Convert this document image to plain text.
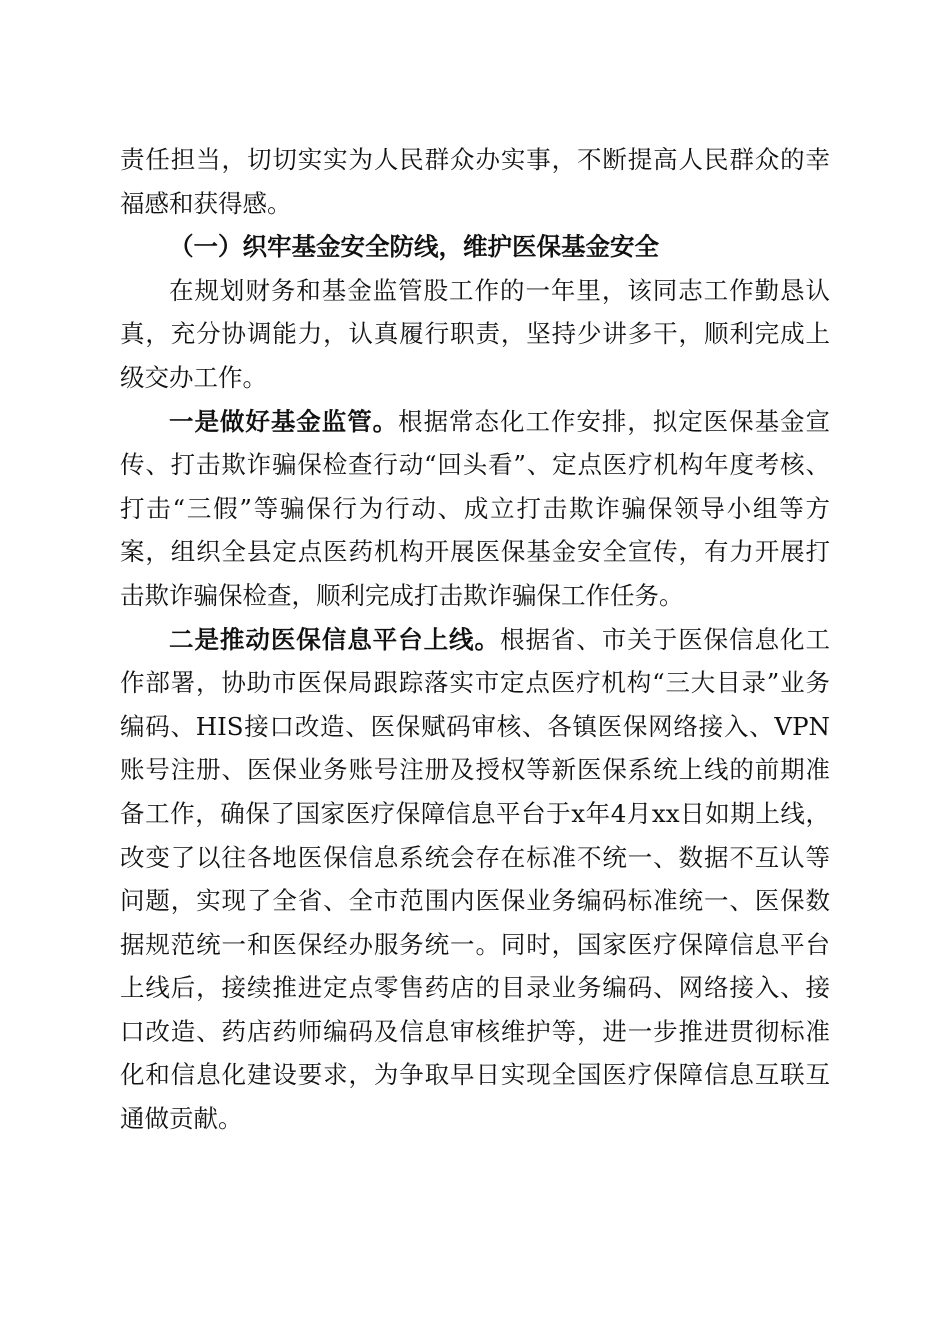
责任担当，切切实实为人民群众办实事，不断提高人民群众的幸福感和获得感。

（一）织牢基金安全防线，维护医保基金安全

在规划财务和基金监管股工作的一年里，该同志工作勤恳认真，充分协调能力，认真履行职责，坚持少讲多干，顺利完成上级交办工作。

一是做好基金监管。根据常态化工作安排，拟定医保基金宣传、打击欺诈骗保检查行动“回头看”、定点医疗机构年度考核、打击“三假”等骗保行为行动、成立打击欺诈骗保领导小组等方案，组织全县定点医药机构开展医保基金安全宣传，有力开展打击欺诈骗保检查，顺利完成打击欺诈骗保工作任务。

二是推动医保信息平台上线。根据省、市关于医保信息化工作部署，协助市医保局跟踪落实市定点医疗机构“三大目录”业务编码、HIS接口改造、医保赋码审核、各镇医保网络接入、VPN账号注册、医保业务账号注册及授权等新医保系统上线的前期准备工作，确保了国家医疗保障信息平台于x年4月xx日如期上线，改变了以往各地医保信息系统会存在标准不统一、数据不互认等问题，实现了全省、全市范围内医保业务编码标准统一、医保数据规范统一和医保经办服务统一。同时，国家医疗保障信息平台上线后，接续推进定点零售药店的目录业务编码、网络接入、接口改造、药店药师编码及信息审核维护等，进一步推进贯彻标准化和信息化建设要求，为争取早日实现全国医疗保障信息互联互通做贡献。
